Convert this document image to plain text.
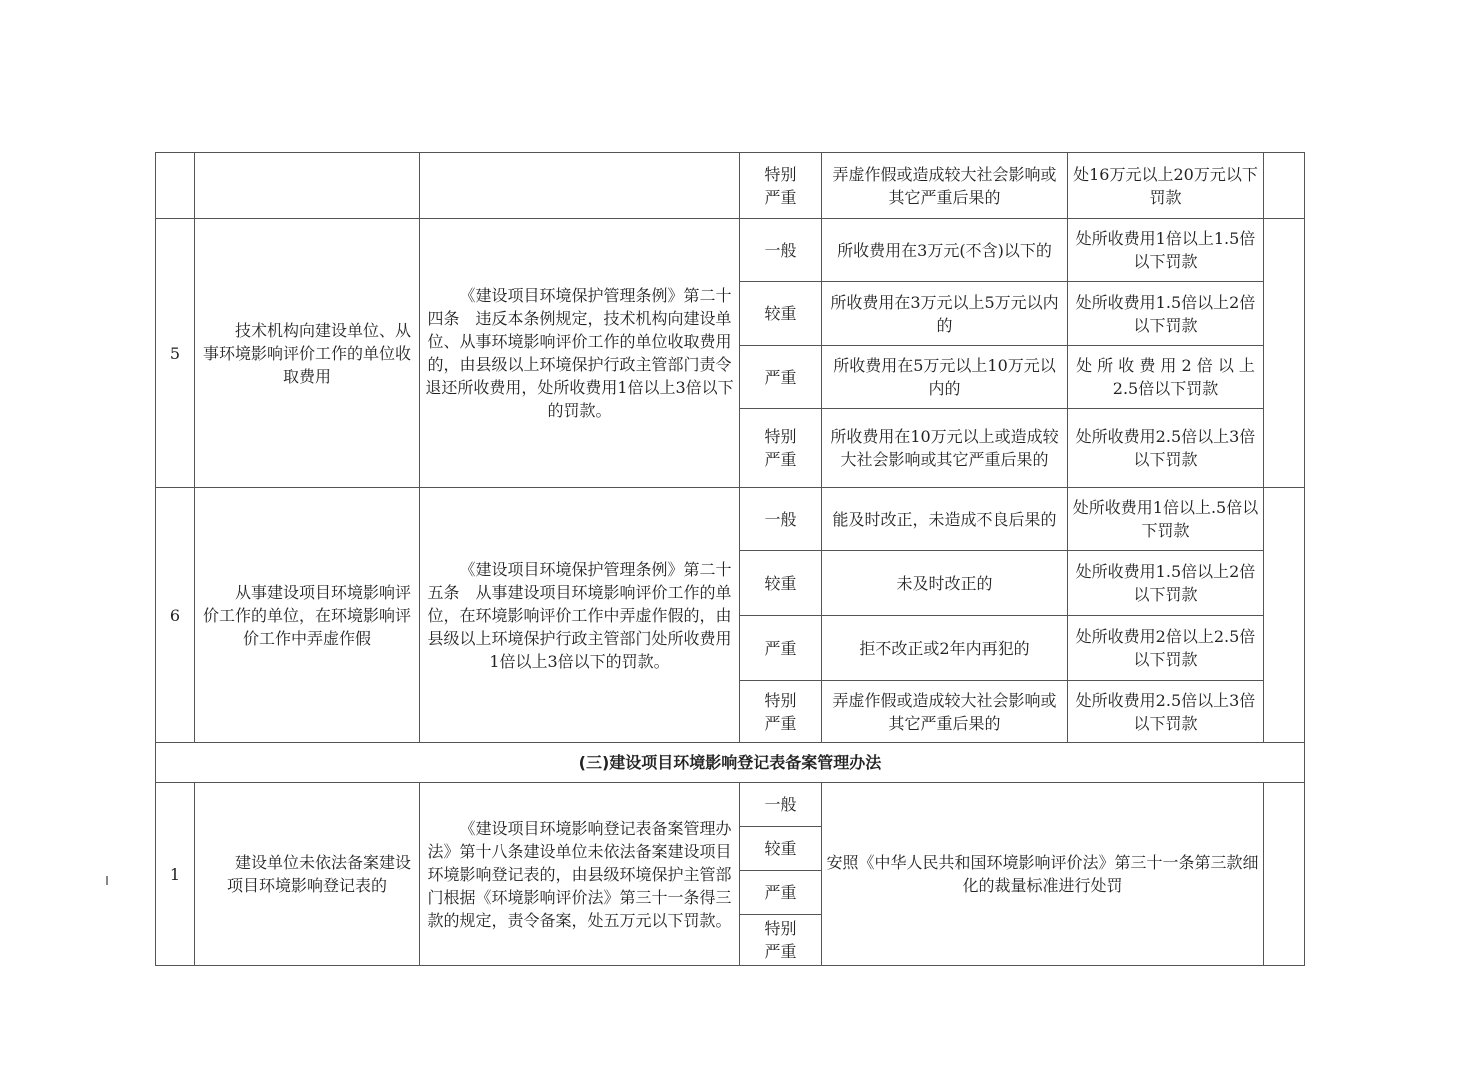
			特别
严重	弄虚作假或造成较大社会影响或其它严重后果的	处16万元以上20万元以下罚款	
5	技术机构向建设单位、从事环境影响评价工作的单位收取费用	《建设项目环境保护管理条例》第二十四条　违反本条例规定，技术机构向建设单位、从事环境影响评价工作的单位收取费用的，由县级以上环境保护行政主管部门责令退还所收费用，处所收费用1倍以上3倍以下的罚款。	一般	所收费用在3万元(不含)以下的	处所收费用1倍以上1.5倍以下罚款	
			较重	所收费用在3万元以上5万元以内的	处所收费用1.5倍以上2倍以下罚款	
			严重	所收费用在5万元以上10万元以内的	处 所 收 费 用 2 倍 以 上 2.5倍以下罚款	
			特别
严重	所收费用在10万元以上或造成较大社会影响或其它严重后果的	处所收费用2.5倍以上3倍以下罚款	
6	从事建设项目环境影响评价工作的单位，在环境影响评价工作中弄虚作假	《建设项目环境保护管理条例》第二十五条　从事建设项目环境影响评价工作的单位，在环境影响评价工作中弄虚作假的，由县级以上环境保护行政主管部门处所收费用1倍以上3倍以下的罚款。	一般	能及时改正，未造成不良后果的	处所收费用1倍以上.5倍以下罚款	
			较重	未及时改正的	处所收费用1.5倍以上2倍以下罚款	
			严重	拒不改正或2年内再犯的	处所收费用2倍以上2.5倍以下罚款	
			特别
严重	弄虚作假或造成较大社会影响或其它严重后果的	处所收费用2.5倍以上3倍以下罚款	
(三)建设项目环境影响登记表备案管理办法						
1	建设单位未依法备案建设项目环境影响登记表的	《建设项目环境影响登记表备案管理办法》第十八条建设单位未依法备案建设项目环境影响登记表的，由县级环境保护主管部门根据《环境影响评价法》第三十一条得三款的规定，责令备案，处五万元以下罚款。	一般	安照《中华人民共和国环境影响评价法》第三十一条第三款细化的裁量标准进行处罚		
			较重			
			严重			
			特别
严重			
